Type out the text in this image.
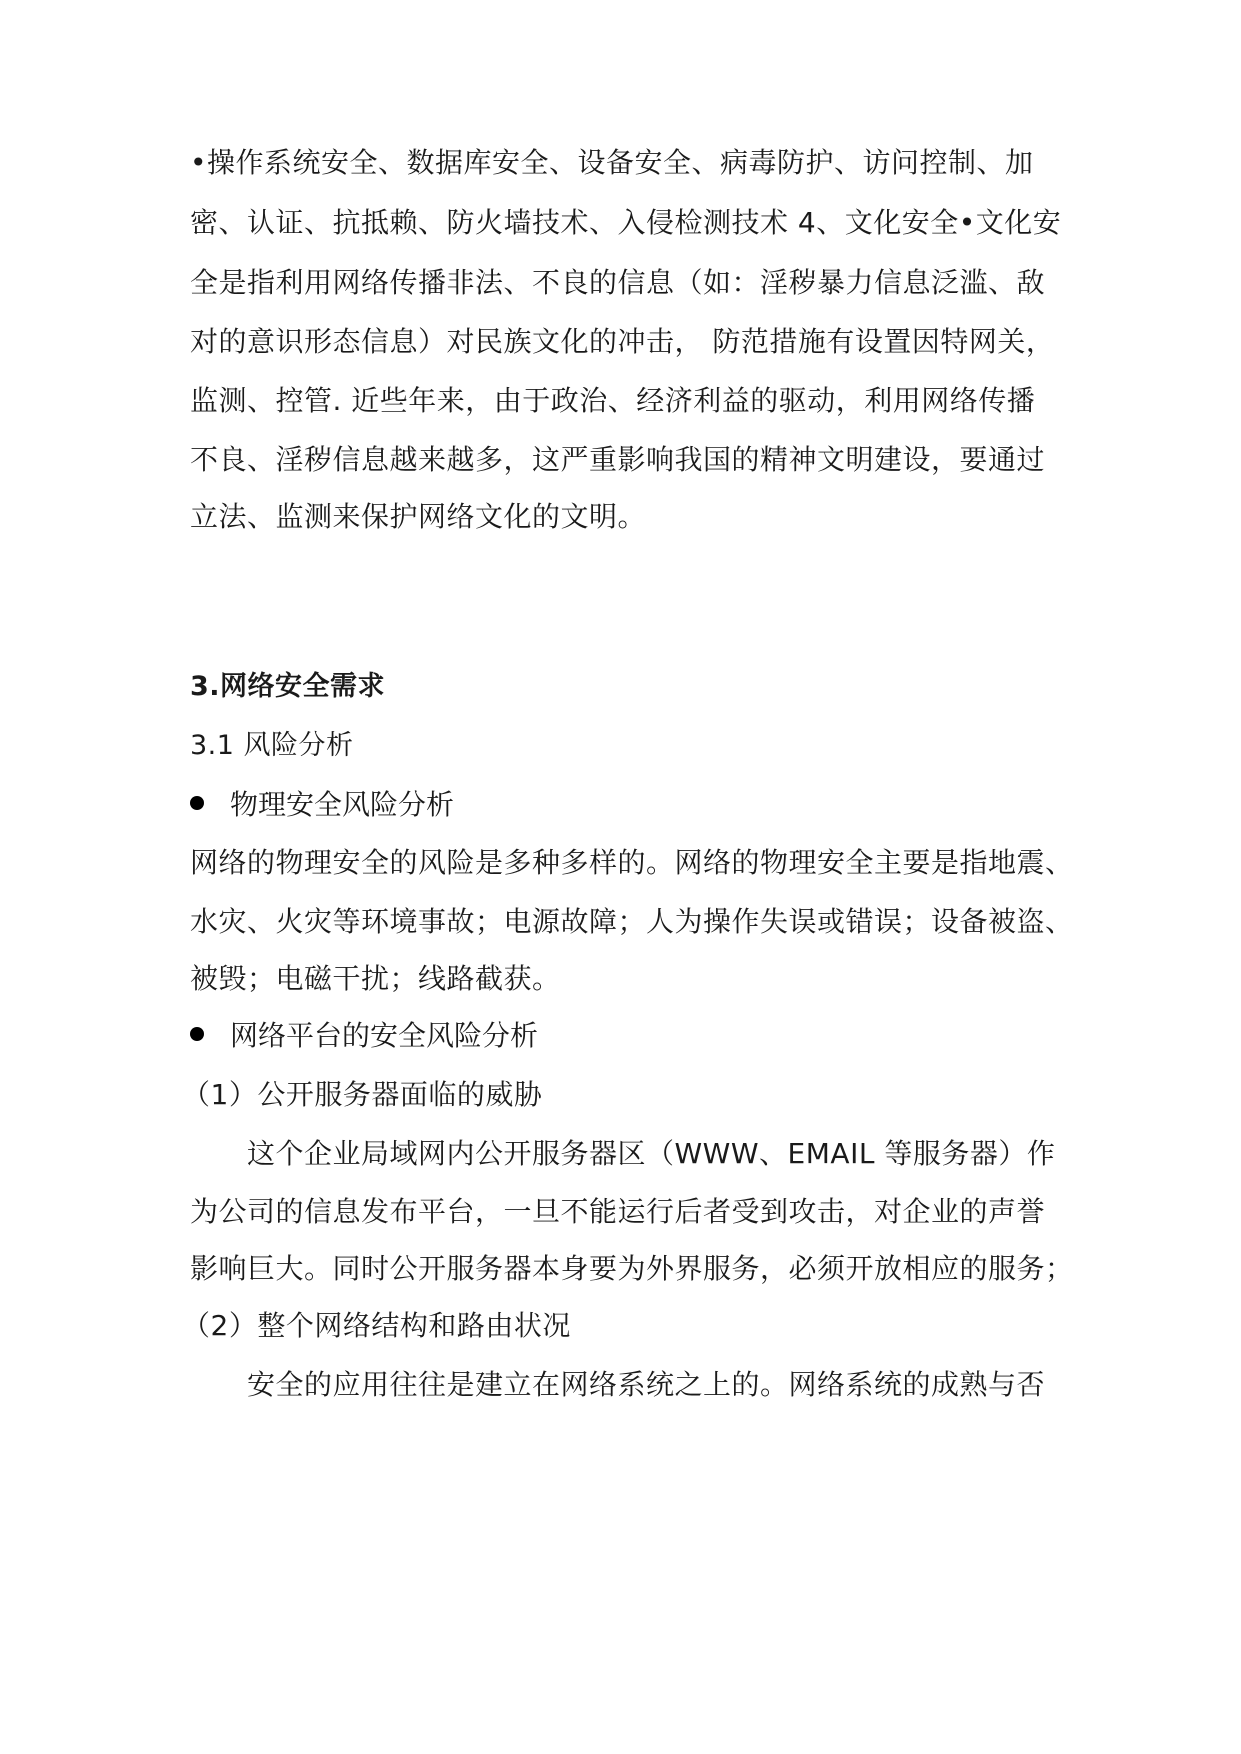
•操作系统安全、数据库安全、设备安全、病毒防护、访问控制、加
密、认证、抗抵赖、防火墙技术、入侵检测技术 4、文化安全•文化安
全是指利用网络传播非法、不良的信息（如：淫秽暴力信息泛滥、敌
对的意识形态信息）对民族文化的冲击， 防范措施有设置因特网关，
监测、控管. 近些年来，由于政治、经济利益的驱动，利用网络传播
不良、淫秽信息越来越多，这严重影响我国的精神文明建设，要通过
立法、监测来保护网络文化的文明。
3.网络安全需求
3.1 风险分析
物理安全风险分析
网络的物理安全的风险是多种多样的。网络的物理安全主要是指地震、
水灾、火灾等环境事故；电源故障；人为操作失误或错误；设备被盗、
被毁；电磁干扰；线路截获。
网络平台的安全风险分析
（1）公开服务器面临的威胁
这个企业局域网内公开服务器区（WWW、EMAIL 等服务器）作
为公司的信息发布平台，一旦不能运行后者受到攻击，对企业的声誉
影响巨大。同时公开服务器本身要为外界服务，必须开放相应的服务；
（2）整个网络结构和路由状况
安全的应用往往是建立在网络系统之上的。网络系统的成熟与否
